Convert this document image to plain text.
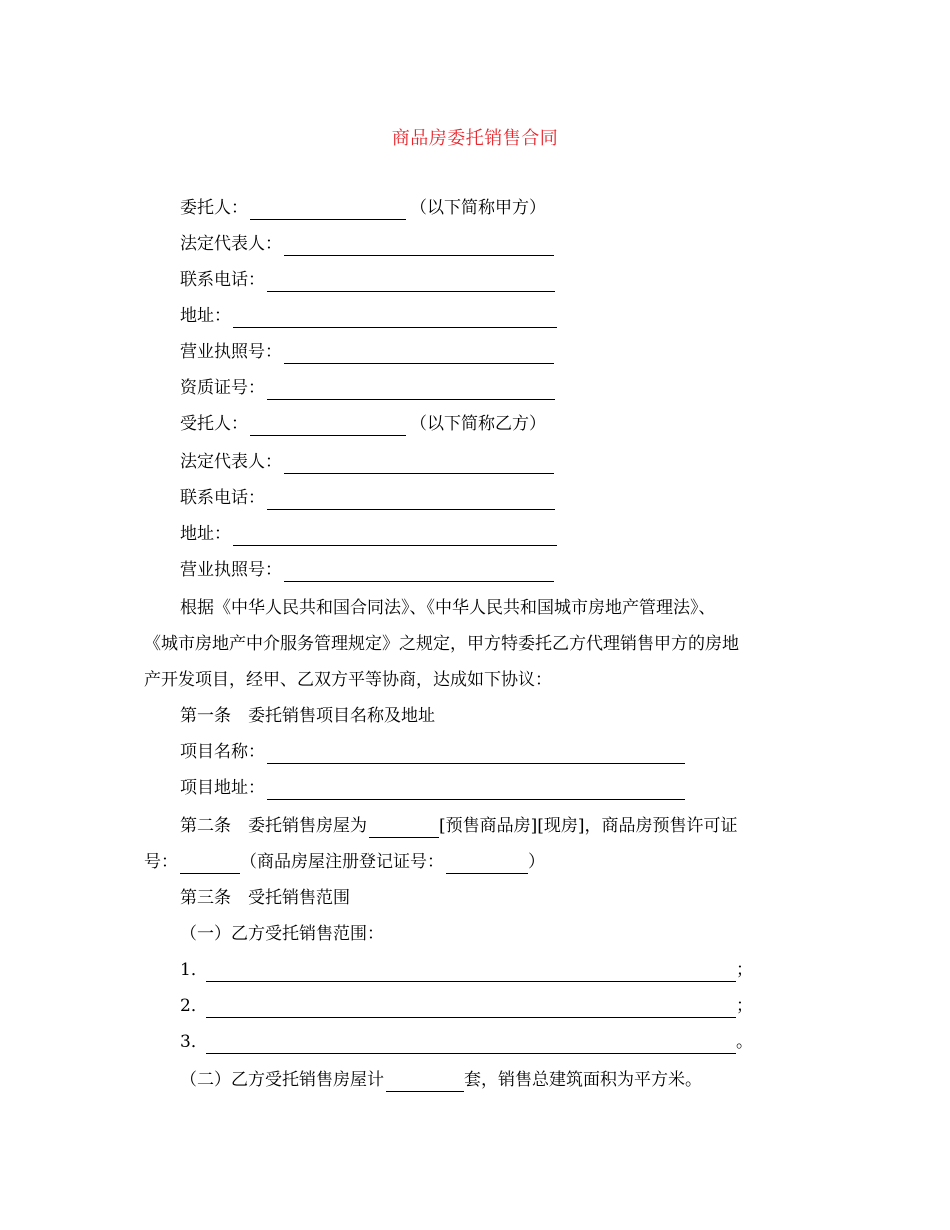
商品房委托销售合同
委托人：	（以下简称甲方）
法定代表人：
联系电话：
地址：
营业执照号：
资质证号：
受托人：	（以下简称乙方）
法定代表人：
联系电话：
地址：
营业执照号：
根据《中华人民共和国合同法》、《中华人民共和国城市房地产管理法》、
《城市房地产中介服务管理规定》之规定，甲方特委托乙方代理销售甲方的房地
产开发项目，经甲、乙双方平等协商，达成如下协议：
第一条　委托销售项目名称及地址
项目名称：
项目地址：
第二条　委托销售房屋为	[预售商品房][现房]，商品房预售许可证
号：	（商品房屋注册登记证号：	）
第三条　受托销售范围
（一）乙方受托销售范围：
1．	；
2．	；
3．	。
（二）乙方受托销售房屋计	套，销售总建筑面积为平方米。
